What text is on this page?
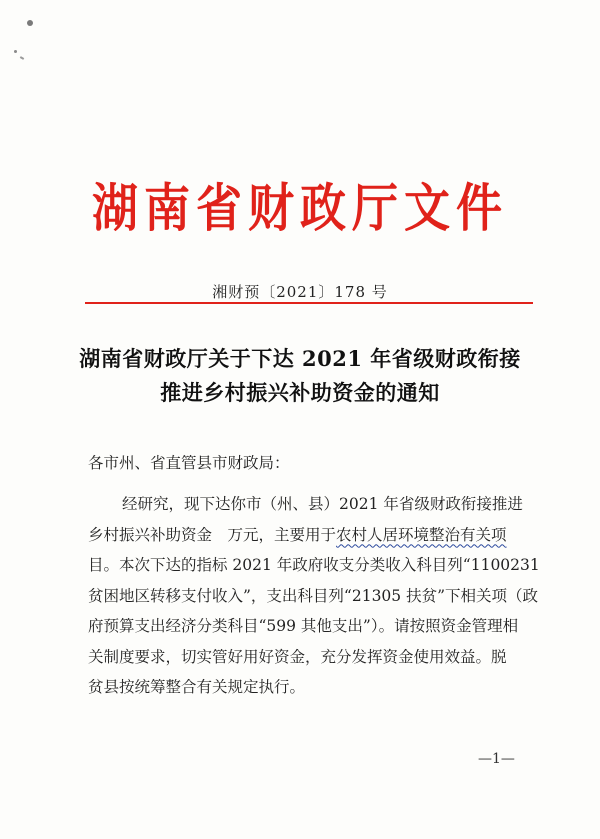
湖南省财政厅文件
湘财预〔2021〕178 号
湖南省财政厅关于下达 2021 年省级财政衔接
推进乡村振兴补助资金的通知
各市州、省直管县市财政局：
经研究，现下达你市（州、县）2021 年省级财政衔接推进
乡村振兴补助资金　万元，主要用于农村人居环境整治有关项
目。本次下达的指标 2021 年政府收支分类收入科目列“1100231
贫困地区转移支付收入”，支出科目列“21305 扶贫”下相关项（政
府预算支出经济分类科目“599 其他支出”）。请按照资金管理相
关制度要求，切实管好用好资金，充分发挥资金使用效益。脱
贫县按统筹整合有关规定执行。
—1—
